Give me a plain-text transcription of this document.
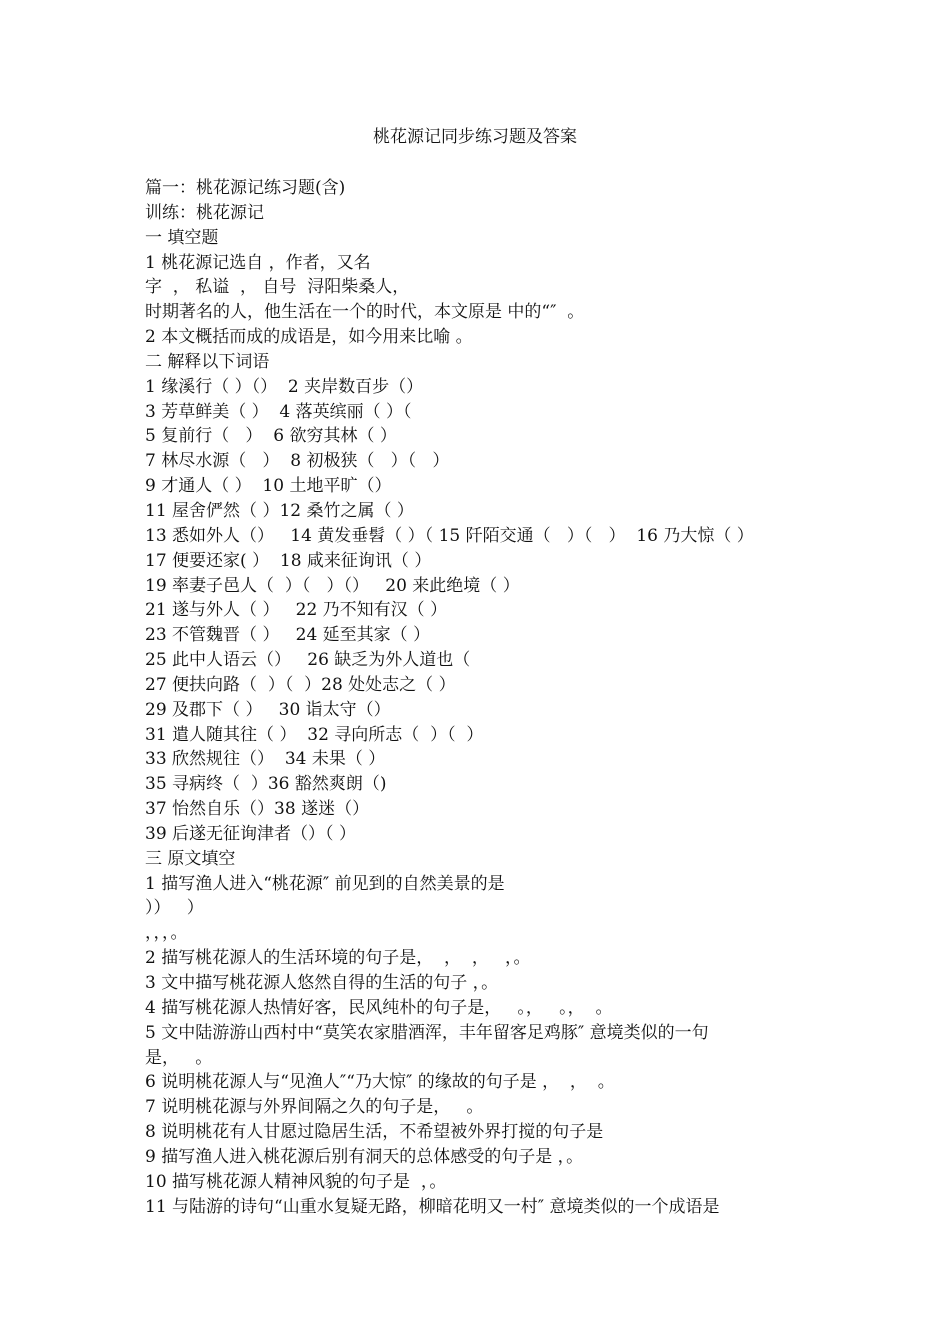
桃花源记同步练习题及答案
篇一：桃花源记练习题(含)
训练：桃花源记
一 填空题
1 桃花源记选自 ，作者，又名
字  ， 私谥  ， 自号  浔阳柴桑人，
时期著名的人，他生活在一个的时代，本文原是 中的“″  。
2 本文概括而成的成语是，如今用来比喻 。
二 解释以下词语
1 缘溪行（ ）（）  2 夹岸数百步（）
3 芳草鲜美（ ）  4 落英缤丽（ ）（
5 复前行（   ）  6 欲穷其林（ ）
7 林尽水源（   ）  8 初极狭（   ）（   ）
9 才通人（ ）  10 土地平旷（）
11 屋舍俨然（ ）12 桑竹之属（ ）
13 悉如外人（）   14 黄发垂髫（ ）（ 15 阡陌交通（   ）（   ）  16 乃大惊（ ）
17 便要还家( ）  18 咸来征询讯（ ）
19 率妻子邑人（  ）（   ）（）   20 来此绝境（ ）
21 遂与外人（ ）   22 乃不知有汉（ ）
23 不管魏晋（ ）   24 延至其家（ ）
25 此中人语云（）   26 缺乏为外人道也（
27 便扶向路（  ）（  ）28 处处志之（ ）
29 及郡下（ ）   30 诣太守（）
31 遣人随其往（ ）  32 寻向所志（  ）（  ）
33 欣然规往（）  34 未果（ ）
35 寻病终（  ）36 豁然爽朗（)
37 怡然自乐（）38 遂迷（）
39 后遂无征询津者（）（ ）
三 原文填空
1 描写渔人进入“桃花源″ 前见到的自然美景的是
））   ）
，，，。
2 描写桃花源人的生活环境的句子是，  ，  ，   ，。
3 文中描写桃花源人悠然自得的生活的句子 ，。
4 描写桃花源人热情好客，民风纯朴的句子是，   。，   。，  。
5 文中陆游游山西村中“莫笑农家腊酒浑，丰年留客足鸡豚″ 意境类似的一句
是，   。
6 说明桃花源人与“见渔人″“乃大惊″ 的缘故的句子是 ，  ，  。
7 说明桃花源与外界间隔之久的句子是，   。
8 说明桃花有人甘愿过隐居生活，不希望被外界打搅的句子是
9 描写渔人进入桃花源后别有洞天的总体感受的句子是 ，。
10 描写桃花源人精神风貌的句子是  ，。
11 与陆游的诗句“山重水复疑无路，柳暗花明又一村″ 意境类似的一个成语是
